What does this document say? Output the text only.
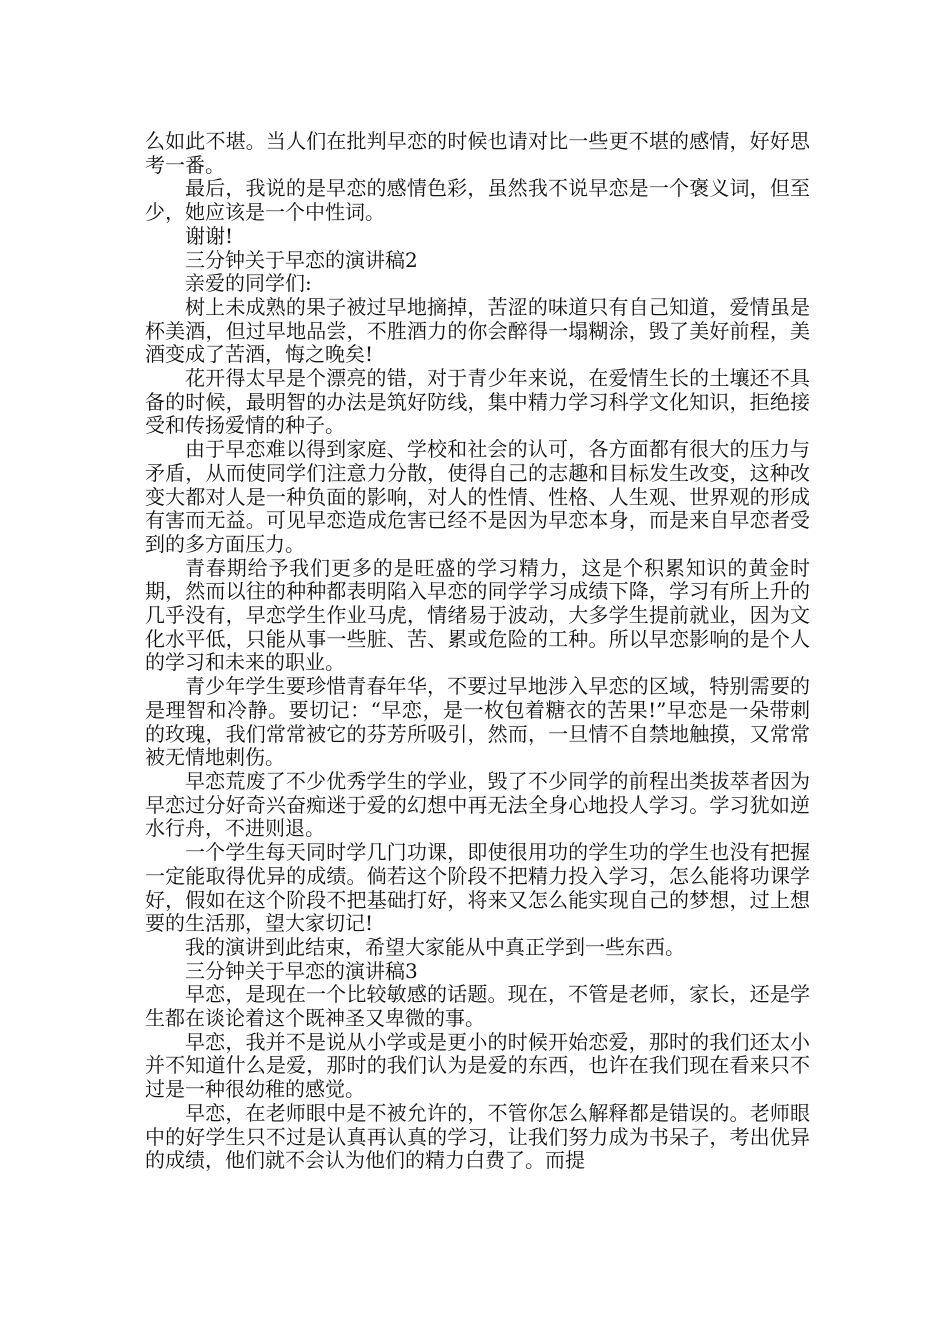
么如此不堪。当人们在批判早恋的时候也请对比一些更不堪的感情，好好思考一番。

最后，我说的是早恋的感情色彩，虽然我不说早恋是一个褒义词，但至少，她应该是一个中性词。

谢谢!

三分钟关于早恋的演讲稿2

亲爱的同学们:

树上未成熟的果子被过早地摘掉，苦涩的味道只有自己知道，爱情虽是杯美酒，但过早地品尝，不胜酒力的你会醉得一塌糊涂，毁了美好前程，美酒变成了苦酒，悔之晚矣!

花开得太早是个漂亮的错，对于青少年来说，在爱情生长的土壤还不具备的时候，最明智的办法是筑好防线，集中精力学习科学文化知识，拒绝接受和传扬爱情的种子。

由于早恋难以得到家庭、学校和社会的认可，各方面都有很大的压力与矛盾，从而使同学们注意力分散，使得自己的志趣和目标发生改变，这种改变大都对人是一种负面的影响，对人的性情、性格、人生观、世界观的形成有害而无益。可见早恋造成危害已经不是因为早恋本身，而是来自早恋者受到的多方面压力。

青春期给予我们更多的是旺盛的学习精力，这是个积累知识的黄金时期，然而以往的种种都表明陷入早恋的同学学习成绩下降，学习有所上升的几乎没有，早恋学生作业马虎，情绪易于波动，大多学生提前就业，因为文化水平低，只能从事一些脏、苦、累或危险的工种。所以早恋影响的是个人的学习和未来的职业。

青少年学生要珍惜青春年华，不要过早地涉入早恋的区域，特别需要的是理智和冷静。要切记：“早恋，是一枚包着糖衣的苦果!”早恋是一朵带刺的玫瑰，我们常常被它的芬芳所吸引，然而，一旦情不自禁地触摸，又常常被无情地刺伤。

早恋荒废了不少优秀学生的学业，毁了不少同学的前程出类拔萃者因为早恋过分好奇兴奋痴迷于爱的幻想中再无法全身心地投人学习。学习犹如逆水行舟，不进则退。

一个学生每天同时学几门功课，即使很用功的学生功的学生也没有把握一定能取得优异的成绩。倘若这个阶段不把精力投入学习，怎么能将功课学好，假如在这个阶段不把基础打好，将来又怎么能实现自己的梦想，过上想要的生活那，望大家切记!

我的演讲到此结束，希望大家能从中真正学到一些东西。

三分钟关于早恋的演讲稿3

早恋，是现在一个比较敏感的话题。现在，不管是老师，家长，还是学生都在谈论着这个既神圣又卑微的事。

早恋，我并不是说从小学或是更小的时候开始恋爱，那时的我们还太小并不知道什么是爱，那时的我们认为是爱的东西，也许在我们现在看来只不过是一种很幼稚的感觉。

早恋，在老师眼中是不被允许的，不管你怎么解释都是错误的。老师眼中的好学生只不过是认真再认真的学习，让我们努力成为书呆子，考出优异的成绩，他们就不会认为他们的精力白费了。而提
